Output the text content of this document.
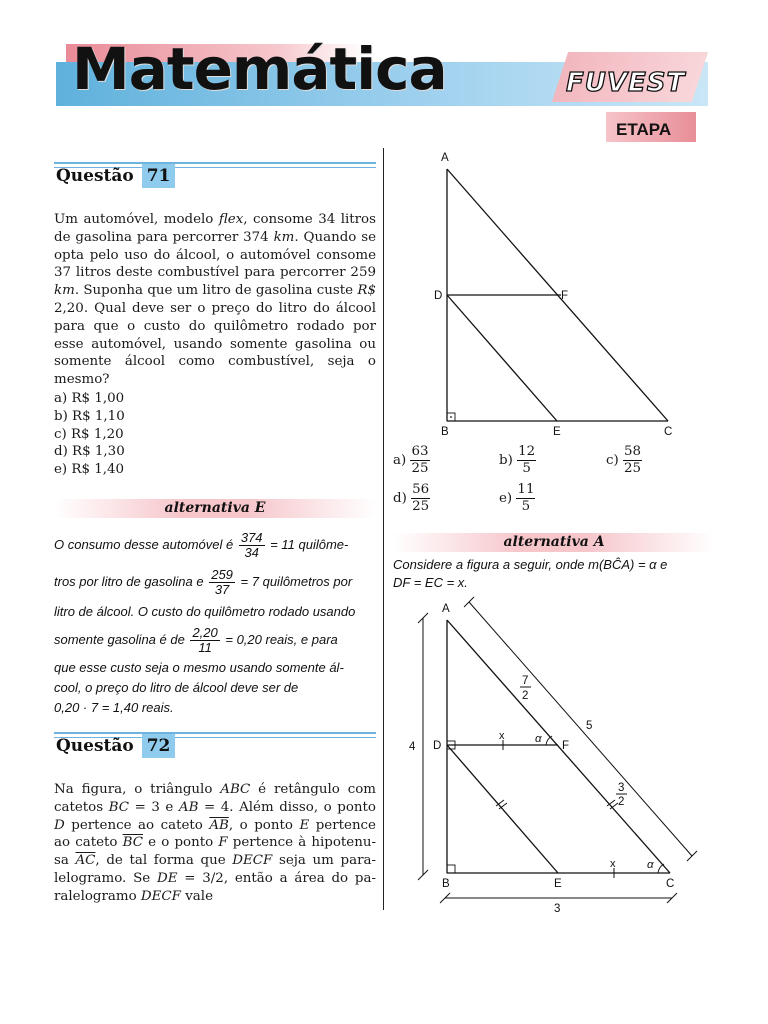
Matemática	FUVEST
ETAPA
Questão 71

Um automóvel, modelo flex, consome 34 litros de gasolina para percorrer 374 km. Quando se opta pelo uso do álcool, o automóvel consome 37 litros deste combustível para percorrer 259 km. Suponha que um litro de gasolina custe R$ 2,20. Qual deve ser o preço do litro do álcool para que o custo do quilômetro rodado por esse automóvel, usando somente gasolina ou somente álcool como combustível, seja o mesmo?

a) R$ 1,00
b) R$ 1,10
c) R$ 1,20
d) R$ 1,30
e) R$ 1,40
alternativa E
O consumo desse automóvel é $\frac{374}{34} = 11$ quilôme-
tros por litro de gasolina e $\frac{259}{37} = 7$ quilômetros por
litro de álcool. O custo do quilômetro rodado usando
somente gasolina é de $\frac{2,20}{11} = 0,20$ reais, e para
que esse custo seja o mesmo usando somente ál-
cool, o preço do litro de álcool deve ser de
0,20 · 7 = 1,40 reais.
Questão 72

Na figura, o triângulo ABC é retângulo com catetos BC = 3 e AB = 4. Além disso, o ponto D pertence ao cateto $\overline{AB}$, o ponto E pertence ao cateto $\overline{BC}$ e o ponto F pertence à hipotenu- sa $\overline{AC}$, de tal forma que DECF seja um para- lelogramo. Se DE = 3/2, então a área do pa- ralelogramo DECF vale

A
D	F
B	E	C
$a) \frac{63}{25}$	$b) \frac{12}{5}$	$c) \frac{58}{25}$
$d) \frac{56}{25}$	$e) \frac{11}{5}$
alternativa A
Considere a figura a seguir, onde m(BĈA) = α e
DF = EC = x.
A
D	F
B	E	C
x
x
α
α
4
3
5
7
2
3
2
